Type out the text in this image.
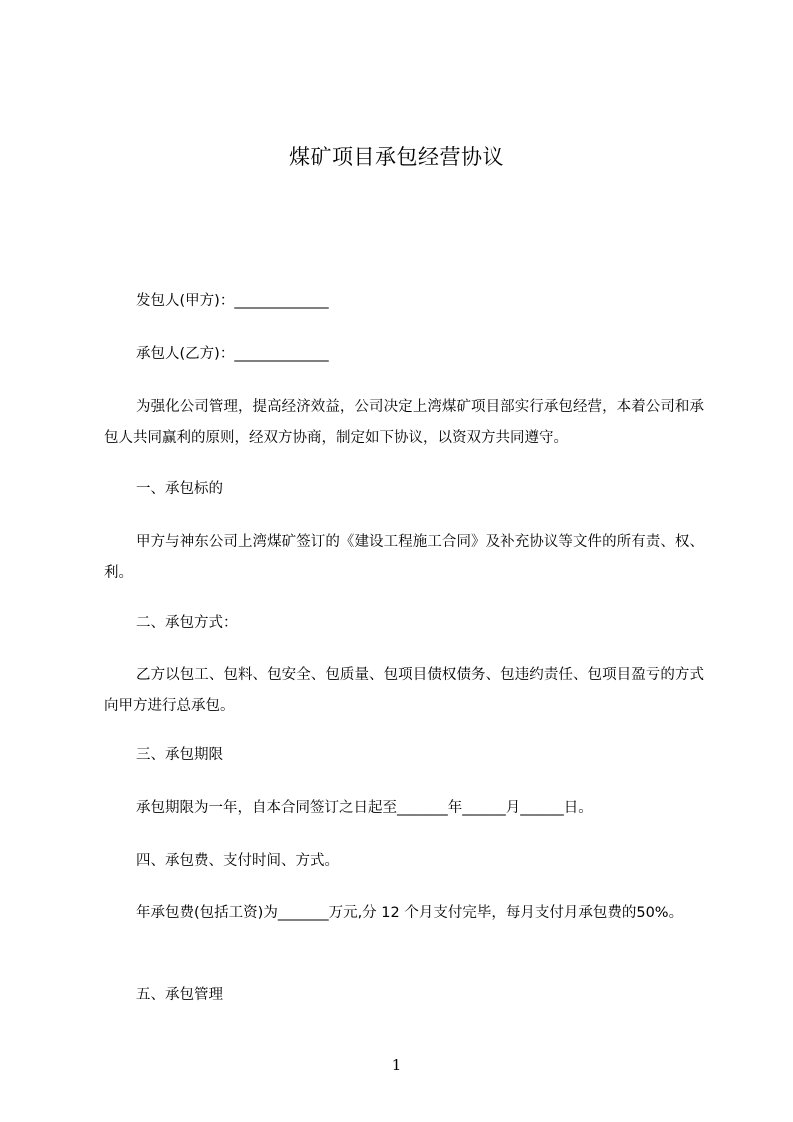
煤矿项目承包经营协议
发包人(甲方)：_____________
承包人(乙方)：_____________
为强化公司管理，提高经济效益，公司决定上湾煤矿项目部实行承包经营，本着公司和承包人共同赢利的原则，经双方协商，制定如下协议，以资双方共同遵守。
一、承包标的
甲方与神东公司上湾煤矿签订的《建设工程施工合同》及补充协议等文件的所有责、权、利。
二、承包方式：
乙方以包工、包料、包安全、包质量、包项目债权债务、包违约责任、包项目盈亏的方式向甲方进行总承包。
三、承包期限
承包期限为一年，自本合同签订之日起至_______年______月______日。
四、承包费、支付时间、方式。
年承包费(包括工资)为_______万元,分 12 个月支付完毕，每月支付月承包费的50%。
五、承包管理
1
